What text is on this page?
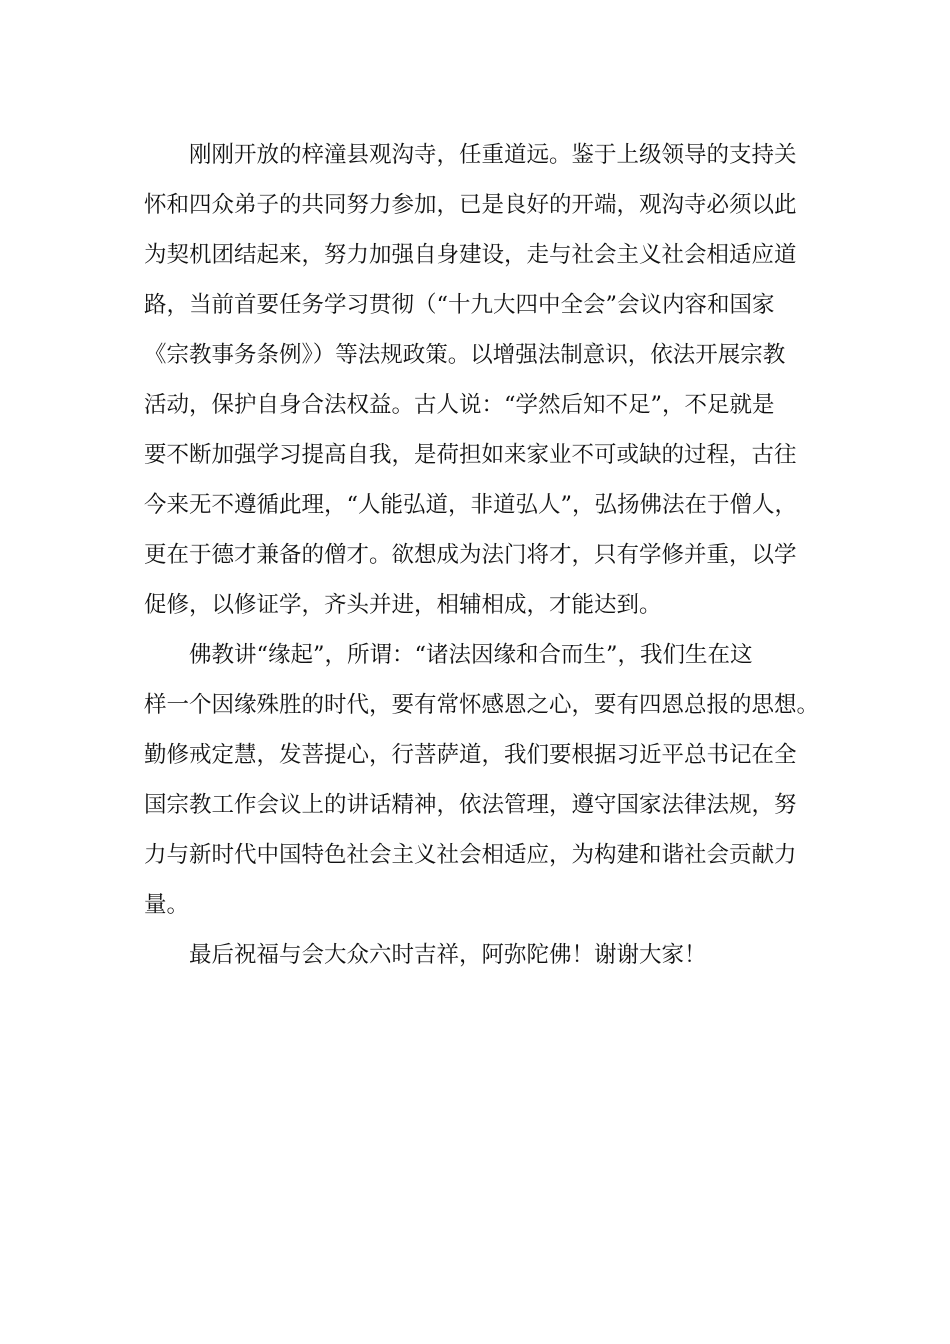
刚刚开放的梓潼县观沟寺，任重道远。鉴于上级领导的支持关
怀和四众弟子的共同努力参加，已是良好的开端，观沟寺必须以此
为契机团结起来，努力加强自身建设，走与社会主义社会相适应道
路，当前首要任务学习贯彻（“十九大四中全会”会议内容和国家
《宗教事务条例》）等法规政策。以增强法制意识，依法开展宗教
活动，保护自身合法权益。古人说：“学然后知不足”，不足就是
要不断加强学习提高自我，是荷担如来家业不可或缺的过程，古往
今来无不遵循此理，“人能弘道，非道弘人”，弘扬佛法在于僧人，
更在于德才兼备的僧才。欲想成为法门将才，只有学修并重，以学
促修，以修证学，齐头并进，相辅相成，才能达到。

佛教讲“缘起”，所谓：“诸法因缘和合而生”，我们生在这
样一个因缘殊胜的时代，要有常怀感恩之心，要有四恩总报的思想。
勤修戒定慧，发菩提心，行菩萨道，我们要根据习近平总书记在全
国宗教工作会议上的讲话精神，依法管理，遵守国家法律法规，努
力与新时代中国特色社会主义社会相适应，为构建和谐社会贡献力
量。

最后祝福与会大众六时吉祥，阿弥陀佛！谢谢大家！
